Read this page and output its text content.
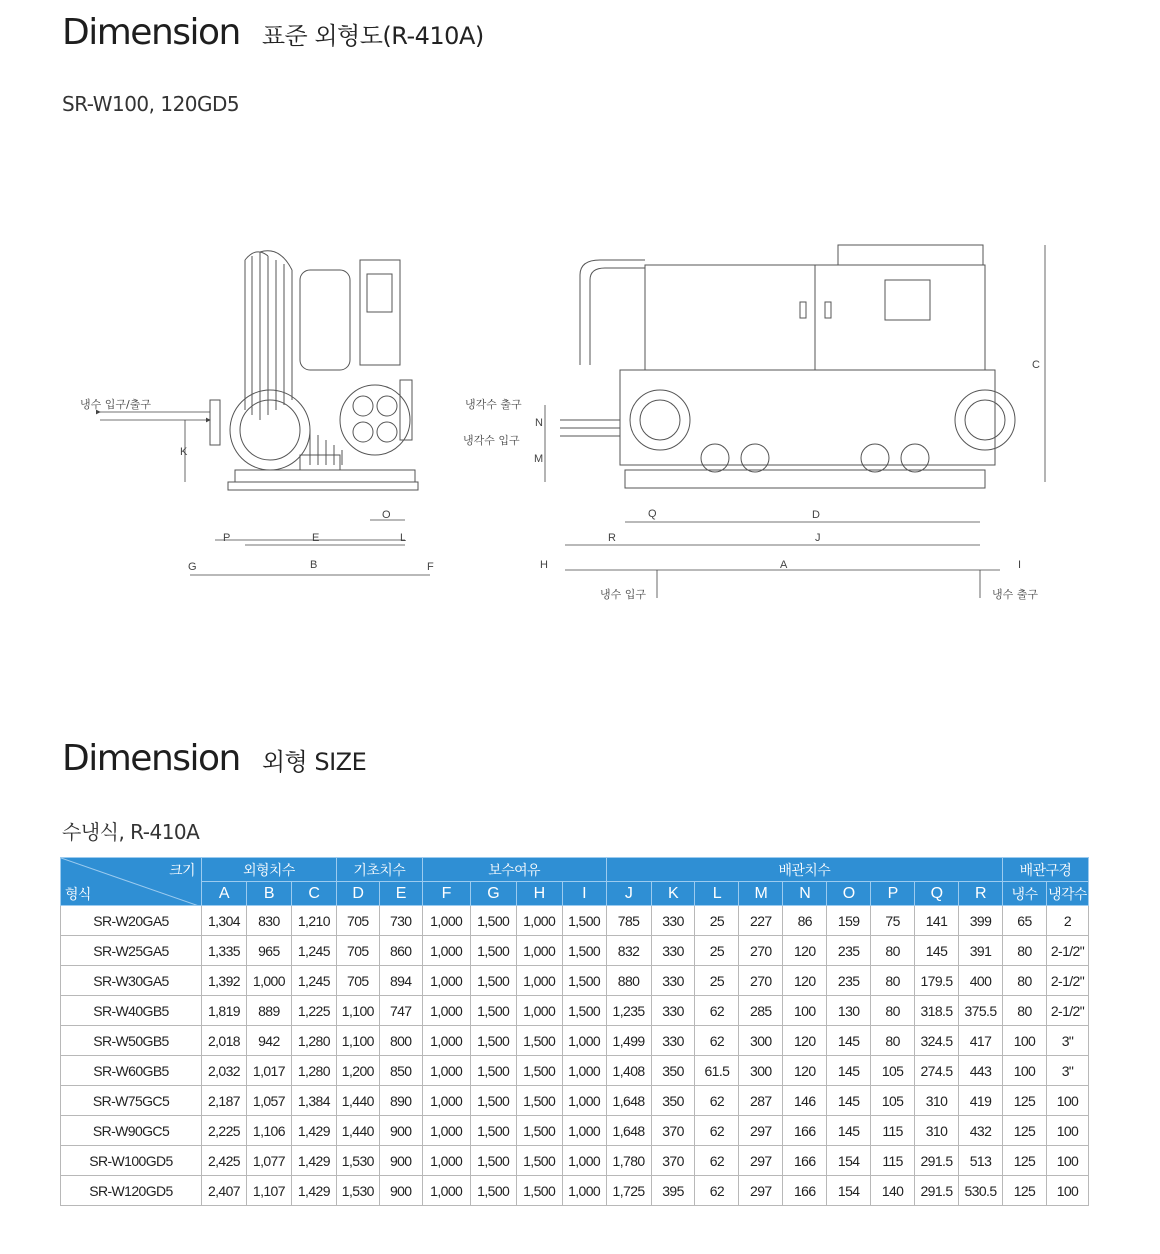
Dimension 표준 외형도(R-410A)
SR-W100, 120GD5
K
P	E	L
O
G	B	F
N
M
Q	D
R	J
H	A	I
C
냉수 입구/출구	냉각수 출구
냉각수 입구
냉수 입구	냉수 출구
Dimension 외형 SIZE
수냉식, R-410A
크기
형식	외형치수			기초치수		보수여유				배관치수									배관구경	
	A	B	C	D	E	F	G	H	I	J	K	L	M	N	O	P	Q	R	냉수	냉각수
SR-W20GA5	1,304	830	1,210	705	730	1,000	1,500	1,000	1,500	785	330	25	227	86	159	75	141	399	65	2
SR-W25GA5	1,335	965	1,245	705	860	1,000	1,500	1,000	1,500	832	330	25	270	120	235	80	145	391	80	2-1/2"
SR-W30GA5	1,392	1,000	1,245	705	894	1,000	1,500	1,000	1,500	880	330	25	270	120	235	80	179.5	400	80	2-1/2"
SR-W40GB5	1,819	889	1,225	1,100	747	1,000	1,500	1,000	1,500	1,235	330	62	285	100	130	80	318.5	375.5	80	2-1/2"
SR-W50GB5	2,018	942	1,280	1,100	800	1,000	1,500	1,500	1,000	1,499	330	62	300	120	145	80	324.5	417	100	3"
SR-W60GB5	2,032	1,017	1,280	1,200	850	1,000	1,500	1,500	1,000	1,408	350	61.5	300	120	145	105	274.5	443	100	3"
SR-W75GC5	2,187	1,057	1,384	1,440	890	1,000	1,500	1,500	1,000	1,648	350	62	287	146	145	105	310	419	125	100
SR-W90GC5	2,225	1,106	1,429	1,440	900	1,000	1,500	1,500	1,000	1,648	370	62	297	166	145	115	310	432	125	100
SR-W100GD5	2,425	1,077	1,429	1,530	900	1,000	1,500	1,500	1,000	1,780	370	62	297	166	154	115	291.5	513	125	100
SR-W120GD5	2,407	1,107	1,429	1,530	900	1,000	1,500	1,500	1,000	1,725	395	62	297	166	154	140	291.5	530.5	125	100
